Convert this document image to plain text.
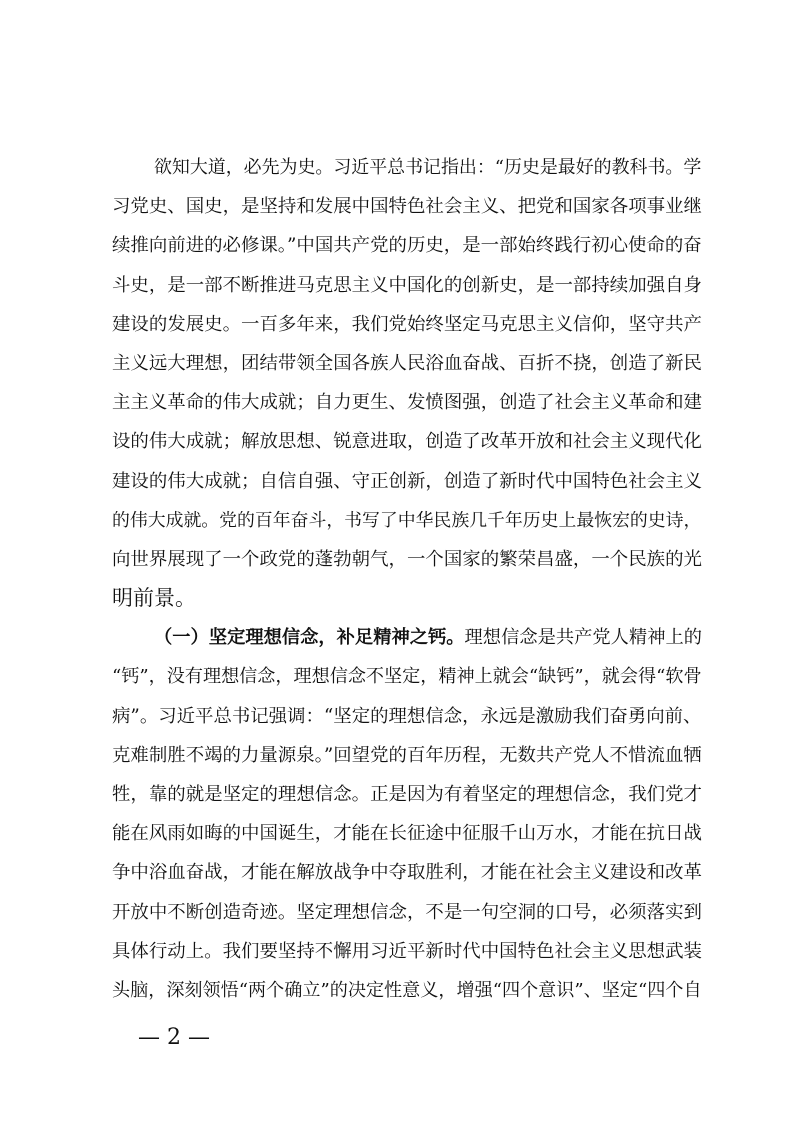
欲知大道，必先为史。习近平总书记指出：“历史是最好的教科书。学
习党史、国史，是坚持和发展中国特色社会主义、把党和国家各项事业继
续推向前进的必修课。”中国共产党的历史，是一部始终践行初心使命的奋
斗史，是一部不断推进马克思主义中国化的创新史，是一部持续加强自身
建设的发展史。一百多年来，我们党始终坚定马克思主义信仰，坚守共产
主义远大理想，团结带领全国各族人民浴血奋战、百折不挠，创造了新民
主主义革命的伟大成就；自力更生、发愤图强，创造了社会主义革命和建
设的伟大成就；解放思想、锐意进取，创造了改革开放和社会主义现代化
建设的伟大成就；自信自强、守正创新，创造了新时代中国特色社会主义
的伟大成就。党的百年奋斗，书写了中华民族几千年历史上最恢宏的史诗，
向世界展现了一个政党的蓬勃朝气，一个国家的繁荣昌盛，一个民族的光
明前景。
（一）坚定理想信念，补足精神之钙。理想信念是共产党人精神上的
“钙”，没有理想信念，理想信念不坚定，精神上就会“缺钙”，就会得“软骨
病”。习近平总书记强调：“坚定的理想信念，永远是激励我们奋勇向前、
克难制胜不竭的力量源泉。”回望党的百年历程，无数共产党人不惜流血牺
牲，靠的就是坚定的理想信念。正是因为有着坚定的理想信念，我们党才
能在风雨如晦的中国诞生，才能在长征途中征服千山万水，才能在抗日战
争中浴血奋战，才能在解放战争中夺取胜利，才能在社会主义建设和改革
开放中不断创造奇迹。坚定理想信念，不是一句空洞的口号，必须落实到
具体行动上。我们要坚持不懈用习近平新时代中国特色社会主义思想武装
头脑，深刻领悟“两个确立”的决定性意义，增强“四个意识”、坚定“四个自
— 2 —
